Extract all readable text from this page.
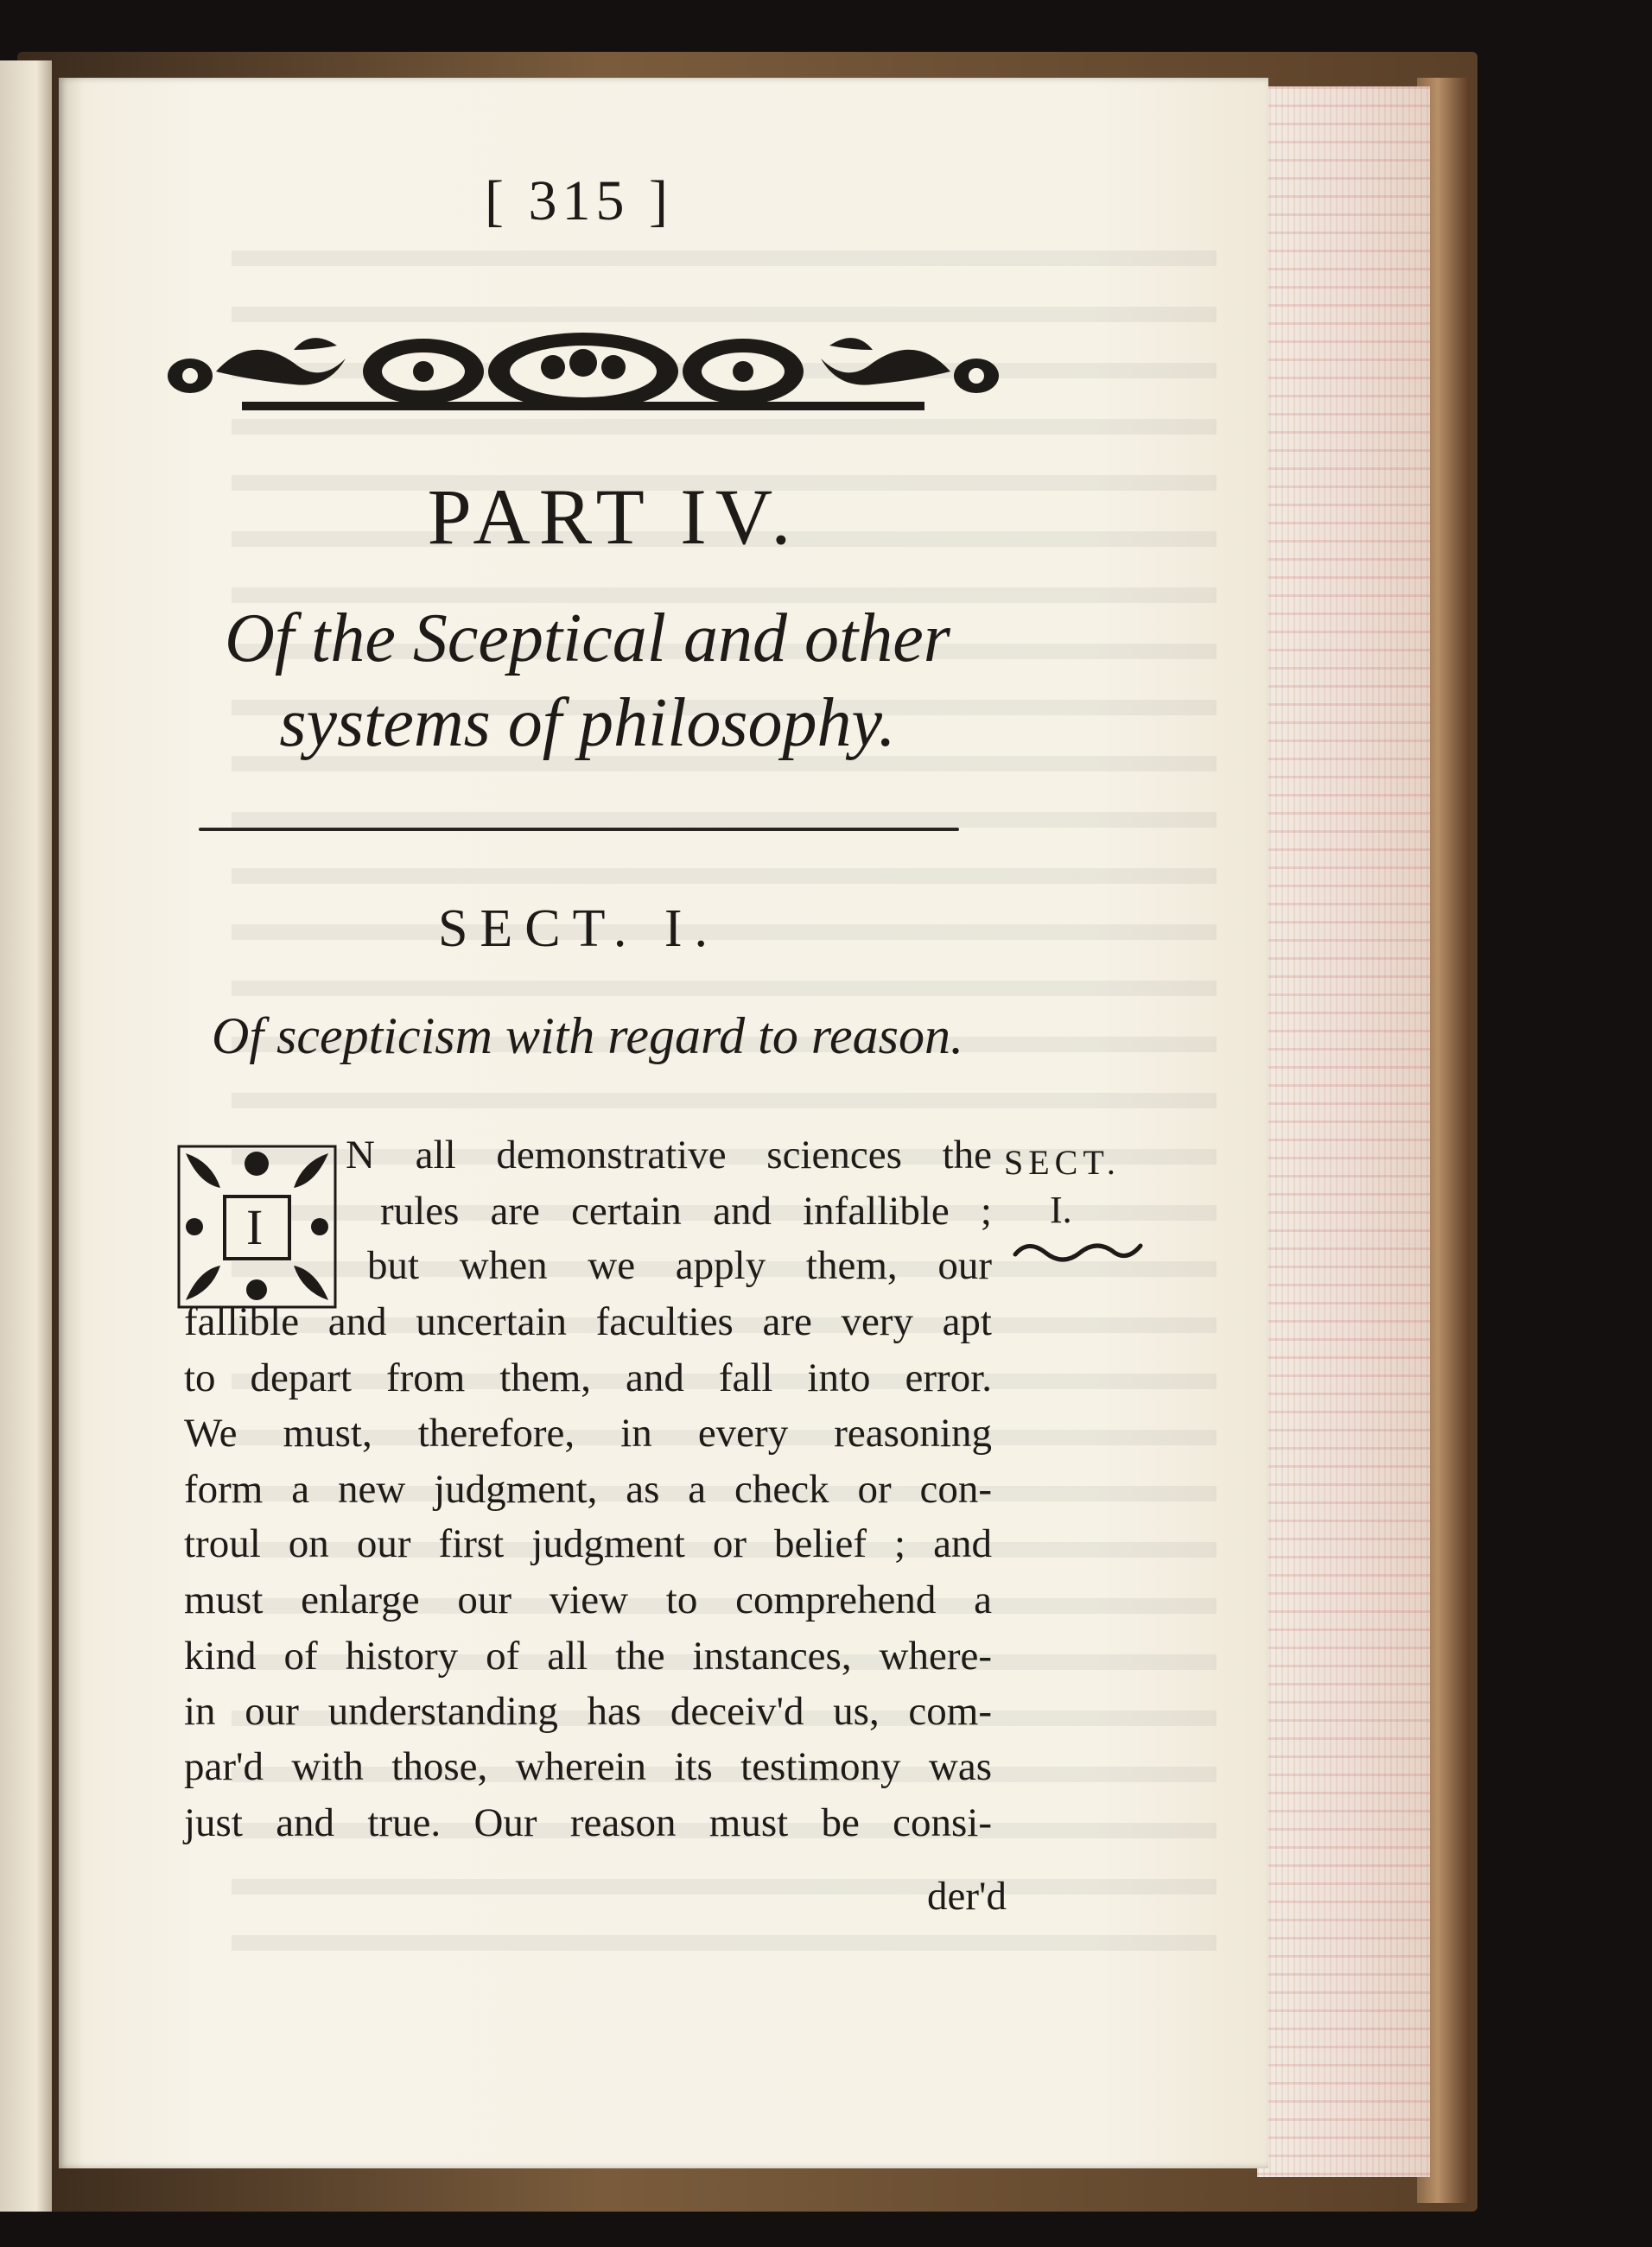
[ 315 ]
PART IV.
Of the Sceptical and other systems of philosophy.
SECT. I.
Of scepticism with regard to reason.
I
N all demonstrative sciences the
rules are certain and infallible ;
but when we apply them, our
fallible and uncertain faculties are very apt
to depart from them, and fall into error.
We must, therefore, in every reasoning
form a new judgment, as a check or con-
troul on our first judgment or belief ; and
must enlarge our view to comprehend a
kind of history of all the instances, where-
in our understanding has deceiv'd us, com-
par'd with those, wherein its testimony was
just and true. Our reason must be consi-
der'd
SECT.
I.
